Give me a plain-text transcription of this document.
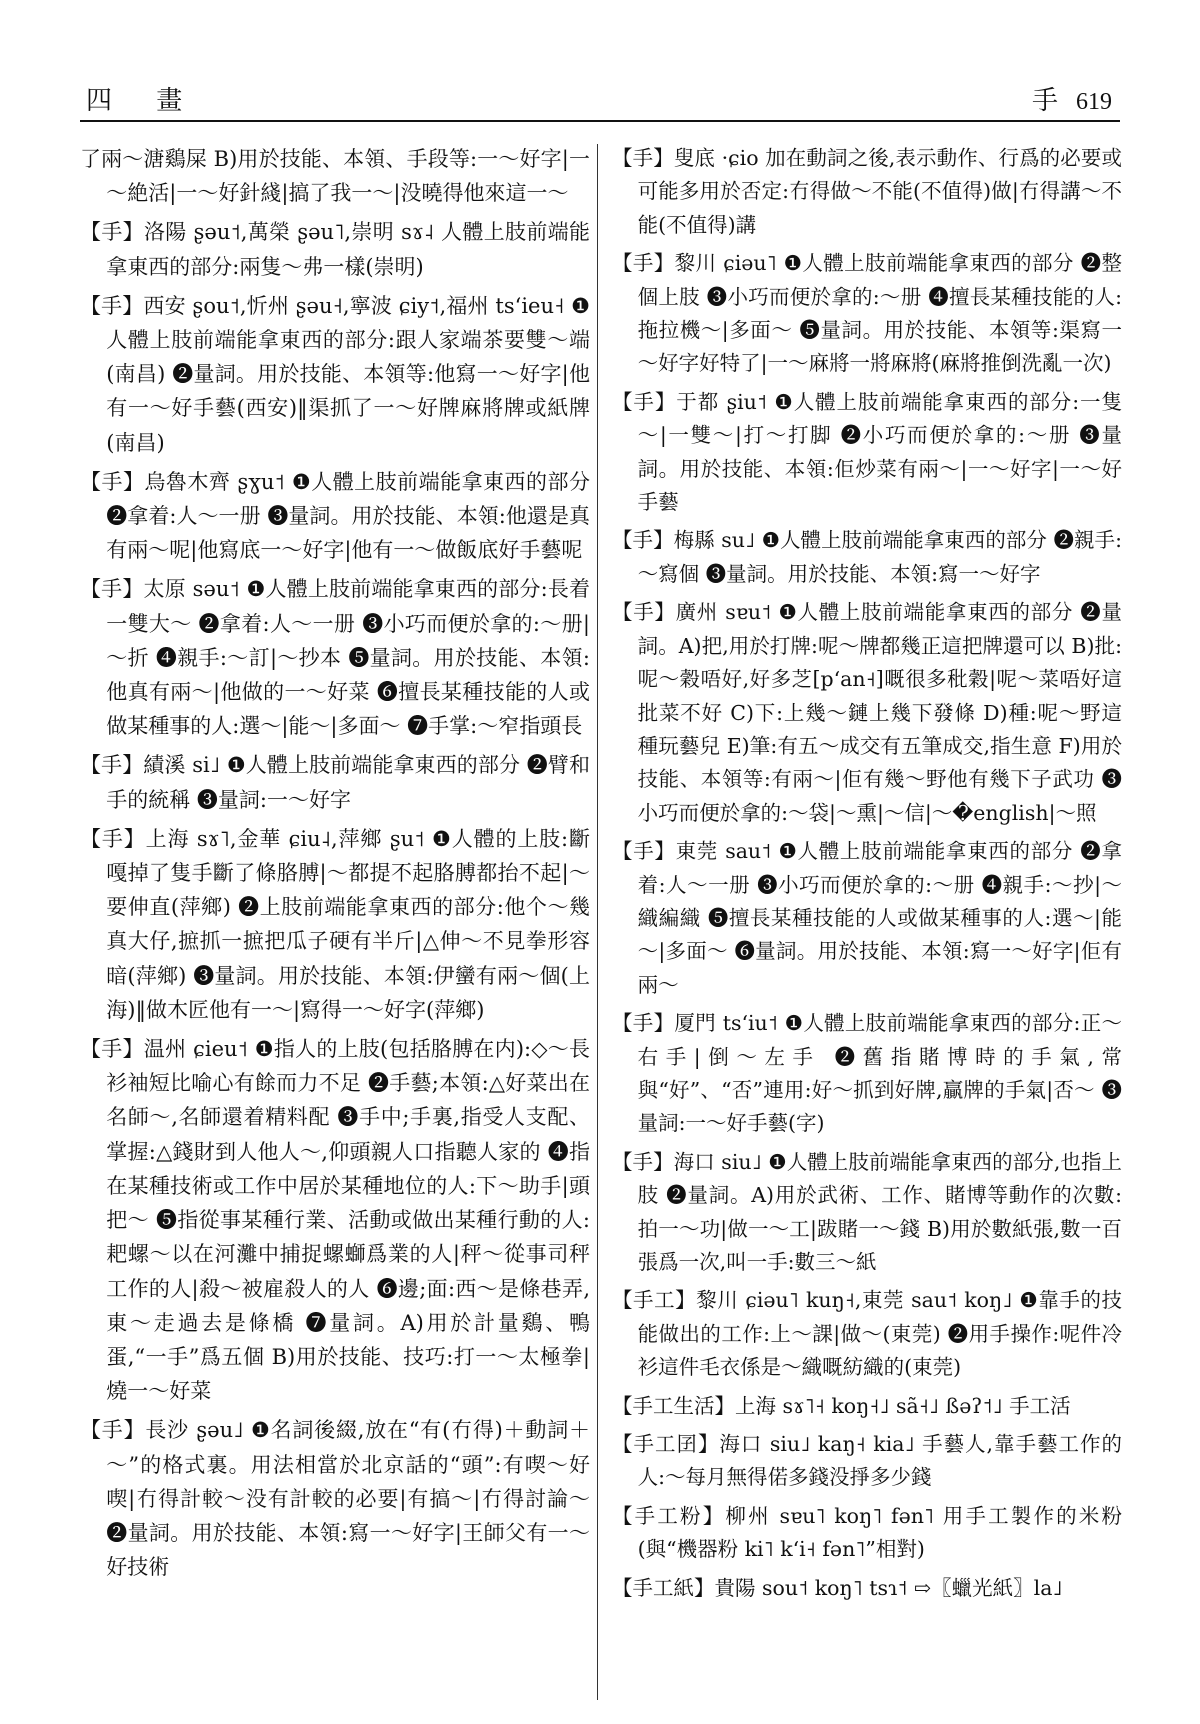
四 畫	手 619

了兩～溏鷄屎 B)用於技能、本領、手段等:一～好字|一～絶活|一～好針綫|搞了我一～|没曉得他來這一～

【手】洛陽 ʂəu˦,萬榮 ʂəu˥,崇明 sɤ˨ 人體上肢前端能拿東西的部分:兩隻～弗一樣(崇明)

【手】西安 ʂou˦,忻州 ʂəu˧,寧波 ɕiy˦,福州 tsʻieu˧ ❶人體上肢前端能拿東西的部分:跟人家端茶要雙～端(南昌) ❷量詞。用於技能、本領等:他寫一～好字|他有一～好手藝(西安)‖渠抓了一～好牌麻將牌或紙牌(南昌)

【手】烏魯木齊 ʂɣu˦ ❶人體上肢前端能拿東西的部分 ❷拿着:人～一册 ❸量詞。用於技能、本領:他還是真有兩～呢|他寫底一～好字|他有一～做飯底好手藝呢

【手】太原 səu˦ ❶人體上肢前端能拿東西的部分:長着一雙大～ ❷拿着:人～一册 ❸小巧而便於拿的:～册|～折 ❹親手:～訂|～抄本 ❺量詞。用於技能、本領:他真有兩～|他做的一～好菜 ❻擅長某種技能的人或做某種事的人:選～|能～|多面～ ❼手掌:～窄指頭長

【手】績溪 si˩ ❶人體上肢前端能拿東西的部分 ❷臂和手的統稱 ❸量詞:一～好字

【手】上海 sɤ˥,金華 ɕiu˨,萍鄉 ʂu˦ ❶人體的上肢:斷嘎掉了隻手斷了條胳膊|～都提不起胳膊都抬不起|～要伸直(萍鄉) ❷上肢前端能拿東西的部分:他个～幾真大仔,摭抓一摭把瓜子硬有半斤|△伸～不見拳形容暗(萍鄉) ❸量詞。用於技能、本領:伊蠻有兩～個(上海)‖做木匠他有一～|寫得一～好字(萍鄉)

【手】温州 ɕieu˦ ❶指人的上肢(包括胳膊在内):◇～長衫袖短比喻心有餘而力不足 ❷手藝;本領:△好菜出在名師～,名師還着精料配 ❸手中;手裏,指受人支配、掌握:△錢財到人他人～,仰頭親人口指聽人家的 ❹指在某種技術或工作中居於某種地位的人:下～助手|頭把～ ❺指從事某種行業、活動或做出某種行動的人:耙螺～以在河灘中捕捉螺螄爲業的人|秤～從事司秤工作的人|殺～被雇殺人的人 ❻邊;面:西～是條巷弄,東～走過去是條橋 ❼量詞。A)用於計量鷄、鴨蛋,“一手”爲五個 B)用於技能、技巧:打一～太極拳|燒一～好菜

【手】長沙 ʂəu˩ ❶名詞後綴,放在“有(冇得)＋動詞＋～”的格式裏。用法相當於北京話的“頭”:有喫～好喫|冇得計較～没有計較的必要|有搞～|冇得討論～ ❷量詞。用於技能、本領:寫一～好字|王師父有一～好技術

【手】叟底 ·ɕio 加在動詞之後,表示動作、行爲的必要或可能多用於否定:冇得做～不能(不值得)做|冇得講～不能(不值得)講

【手】黎川 ɕiəu˥ ❶人體上肢前端能拿東西的部分 ❷整個上肢 ❸小巧而便於拿的:～册 ❹擅長某種技能的人:拖拉機～|多面～ ❺量詞。用於技能、本領等:渠寫一～好字好特了|一～麻將一將麻將(麻將推倒洗亂一次)

【手】于都 ʂiu˦ ❶人體上肢前端能拿東西的部分:一隻～|一雙～|打～打脚 ❷小巧而便於拿的:～册 ❸量詞。用於技能、本領:佢炒菜有兩～|一～好字|一～好手藝

【手】梅縣 su˩ ❶人體上肢前端能拿東西的部分 ❷親手:～寫個 ❸量詞。用於技能、本領:寫一～好字

【手】廣州 sɐu˦ ❶人體上肢前端能拿東西的部分 ❷量詞。A)把,用於打牌:呢～牌都幾正這把牌還可以 B)批:呢～穀唔好,好多芝[pʻan˧]嘅很多秕穀|呢～菜唔好這批菜不好 C)下:上幾～鏈上幾下發條 D)種:呢～野這種玩藝兒 E)筆:有五～成交有五筆成交,指生意 F)用於技能、本領等:有兩～|佢有幾～野他有幾下子武功 ❸小巧而便於拿的:～袋|～熏|～信|～�english|～照

【手】東莞 sau˦ ❶人體上肢前端能拿東西的部分 ❷拿着:人～一册 ❸小巧而便於拿的:～册 ❹親手:～抄|～織編織 ❺擅長某種技能的人或做某種事的人:選～|能～|多面～ ❻量詞。用於技能、本領:寫一～好字|佢有兩～

【手】厦門 tsʻiu˦ ❶人體上肢前端能拿東西的部分:正～右手|倒～左手 ❷舊指賭博時的手氣,常與“好”、“否”連用:好～抓到好牌,贏牌的手氣|否～ ❸量詞:一～好手藝(字)

【手】海口 siu˩ ❶人體上肢前端能拿東西的部分,也指上肢 ❷量詞。A)用於武術、工作、賭博等動作的次數:拍一～功|做一～工|跋賭一～錢 B)用於數紙張,數一百張爲一次,叫一手:數三～紙

【手工】黎川 ɕiəu˥ kuŋ˧,東莞 sau˦ koŋ˩ ❶靠手的技能做出的工作:上～課|做～(東莞) ❷用手操作:呢件冷衫這件毛衣係是～織嘅紡織的(東莞)

【手工生活】上海 sɤ˥˧ koŋ˧˩ sã˧˩ ßəʔ˦˩ 手工活

【手工囝】海口 siu˩ kaŋ˧ kia˩ 手藝人,靠手藝工作的人:～每月無得偌多錢没掙多少錢

【手工粉】柳州 sɐu˥ koŋ˥ fən˥ 用手工製作的米粉(與“機器粉 ki˥ kʻi˧ fən˥”相對)

【手工紙】貴陽 sou˦ koŋ˥ tsɿ˦ ⇨〖蠟光紙〗la˩
